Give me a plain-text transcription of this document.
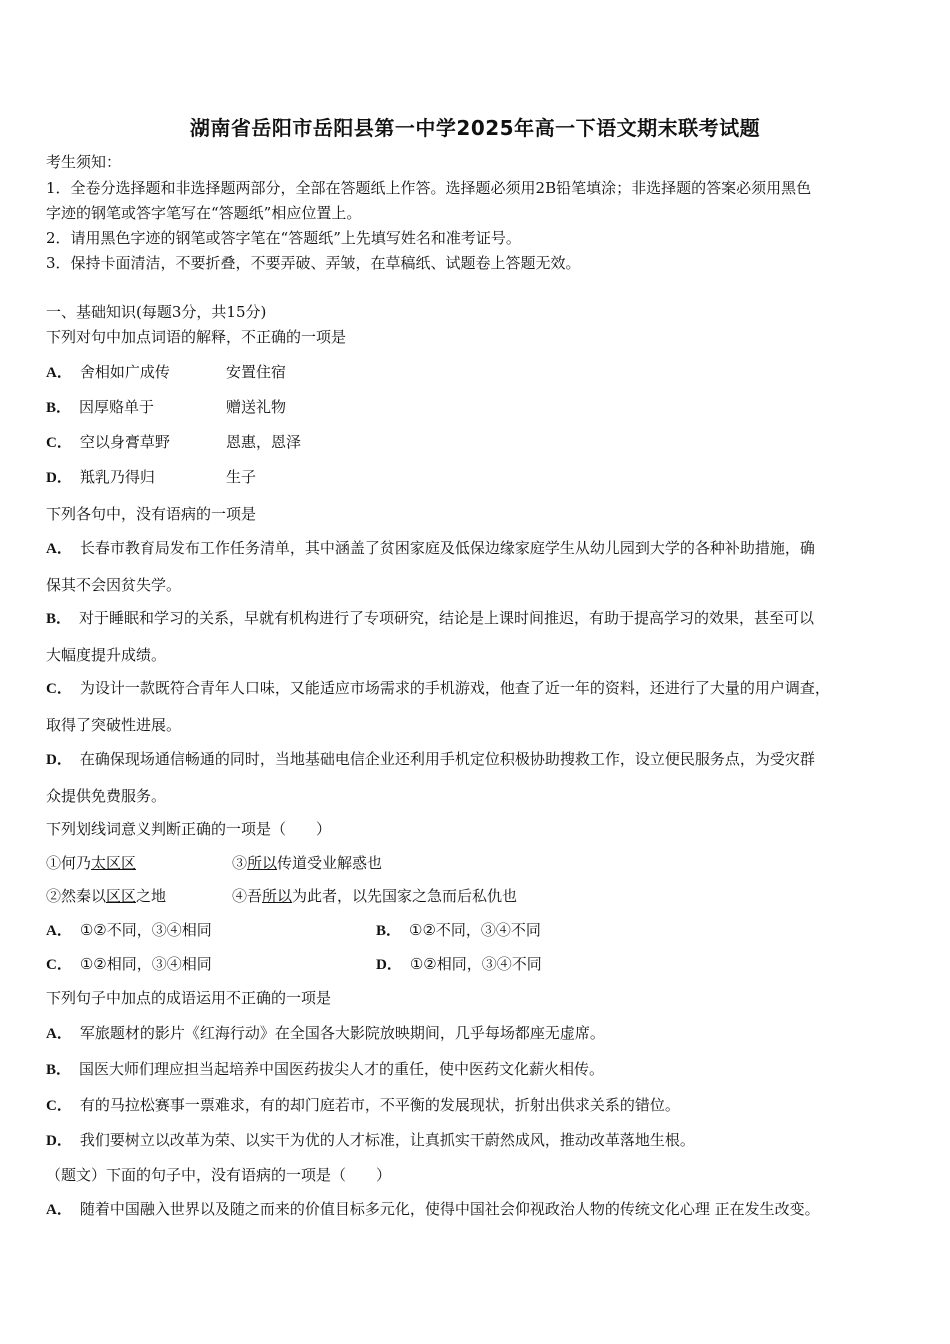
湖南省岳阳市岳阳县第一中学2025年高一下语文期末联考试题
考生须知：
1．全卷分选择题和非选择题两部分，全部在答题纸上作答。选择题必须用2B铅笔填涂；非选择题的答案必须用黑色
字迹的钢笔或答字笔写在“答题纸”相应位置上。
2．请用黑色字迹的钢笔或答字笔在“答题纸”上先填写姓名和准考证号。
3．保持卡面清洁，不要折叠，不要弄破、弄皱，在草稿纸、试题卷上答题无效。
一、基础知识(每题3分，共15分)
下列对句中加点词语的解释，不正确的一项是
A． 舍相如广成传	安置住宿
B． 因厚赂单于	赠送礼物
C． 空以身膏草野	恩惠，恩泽
D． 羝乳乃得归	生子
下列各句中，没有语病的一项是
A． 长春市教育局发布工作任务清单，其中涵盖了贫困家庭及低保边缘家庭学生从幼儿园到大学的各种补助措施，确
保其不会因贫失学。
B． 对于睡眠和学习的关系，早就有机构进行了专项研究，结论是上课时间推迟，有助于提高学习的效果，甚至可以
大幅度提升成绩。
C． 为设计一款既符合青年人口味，又能适应市场需求的手机游戏，他查了近一年的资料，还进行了大量的用户调查，
取得了突破性进展。
D． 在确保现场通信畅通的同时，当地基础电信企业还利用手机定位积极协助搜救工作，设立便民服务点，为受灾群
众提供免费服务。
下列划线词意义判断正确的一项是（　　）
①何乃太区区	③所以传道受业解惑也
②然秦以区区之地	④吾所以为此者，以先国家之急而后私仇也
A． ①②不同，③④相同	B． ①②不同，③④不同
C． ①②相同，③④相同	D． ①②相同，③④不同
下列句子中加点的成语运用不正确的一项是
A． 军旅题材的影片《红海行动》在全国各大影院放映期间，几乎每场都座无虚席。
B． 国医大师们理应担当起培养中国医药拔尖人才的重任，使中医药文化薪火相传。
C． 有的马拉松赛事一票难求，有的却门庭若市，不平衡的发展现状，折射出供求关系的错位。
D． 我们要树立以改革为荣、以实干为优的人才标准，让真抓实干蔚然成风，推动改革落地生根。
（题文）下面的句子中，没有语病的一项是（　　）
A． 随着中国融入世界以及随之而来的价值目标多元化，使得中国社会仰视政治人物的传统文化心理 正在发生改变。
